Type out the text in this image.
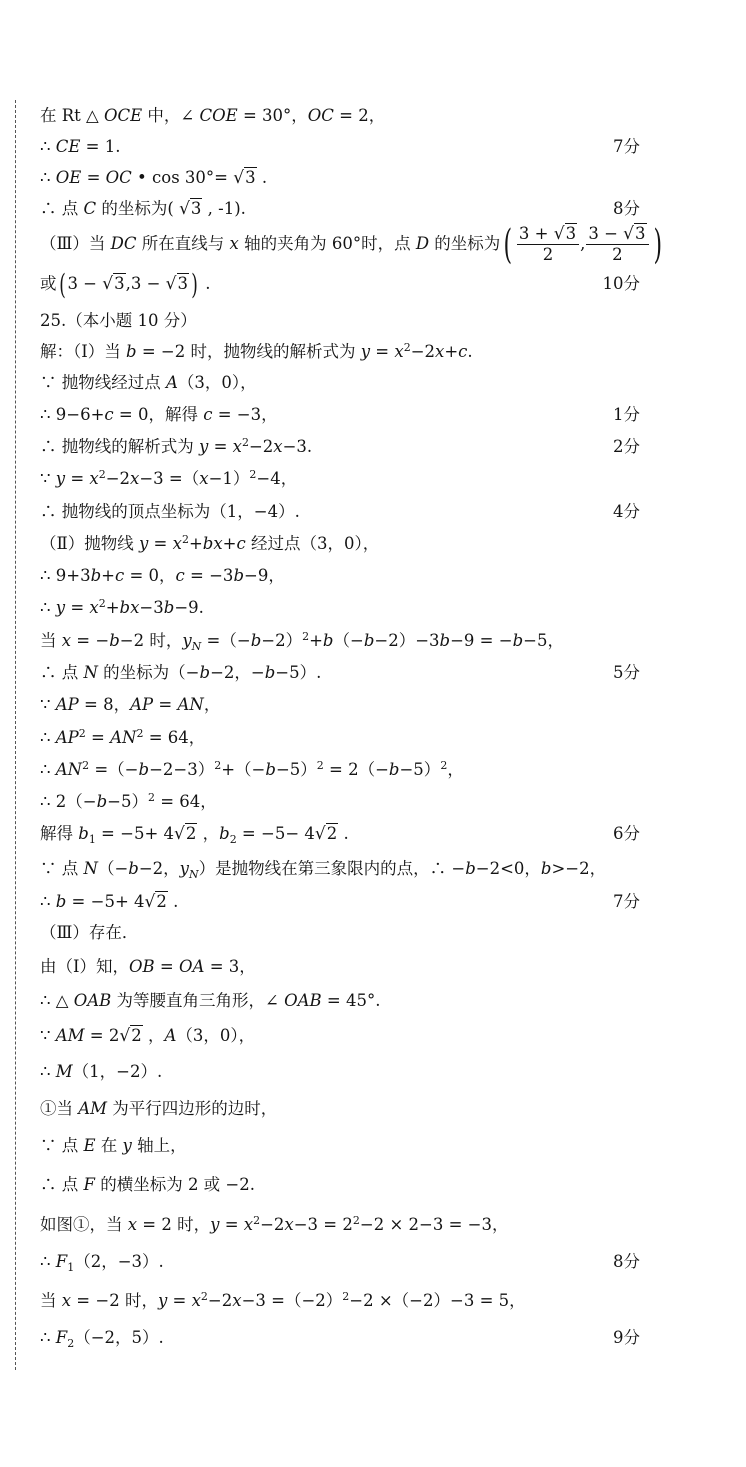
在 Rt △ OCE 中，∠ COE = 30°，OC = 2，
∴ CE = 1.	7分
∴ OE = OC • cos 30°= √3 .
∴ 点 C 的坐标为( √3 , -1).	8分
（Ⅲ）当 DC 所在直线与 x 轴的夹角为 60°时，点 D 的坐标为( $\frac{3 + √3}{2}$ , $\frac{3 - √3}{2}$ )
或( 3 − √3,3 − √3 ) .	10分
25.（本小题 10 分）
解：（Ⅰ）当 b = −2 时，抛物线的解析式为 $y = x^2-2x+c$.
∵ 抛物线经过点 A（3，0），
∴ 9−6+c = 0，解得 c = −3，	1分
∴ 抛物线的解析式为 $y = x^2-2x-3$.	2分
∵ $y = x^2-2x-3 =(x-1)^2-4$，
∴ 抛物线的顶点坐标为（1，−4）.	4分
（Ⅱ）抛物线 $y = x^2+bx+c$ 经过点（3，0），
∴ 9+3b+c = 0，c = −3b−9，
∴ $y = x^2+bx-3b-9$.
当 x = −b−2 时，$y_N =(-b-2)^2+b(-b-2)-3b-9 = -b-5$，
∴ 点 N 的坐标为（−b−2，−b−5）.	5分
∵ AP = 8，AP = AN，
∴ $AP^2 = AN^2 = 64$，
∴ $AN^2 =(-b-2-3)^2+(-b-5)^2 = 2(-b-5)^2$，
∴ $2(-b-5)^2 = 64$，
解得 $b_1 = -5+ 4√2$ ，$b_2 = -5- 4√2$ .	6分
∵ 点 N（−b−2，$y_N$）是抛物线在第三象限内的点，∴ −b−2<0，b>−2，
∴ b = −5+ 4√2 .	7分
（Ⅲ）存在．
由（Ⅰ）知，OB = OA = 3，
∴ △ OAB 为等腰直角三角形，∠ OAB = 45°.
∵ AM = 2√2 ，A（3，0），
∴ M（1，−2）.
①当 AM 为平行四边形的边时，
∵ 点 E 在 y 轴上，
∴ 点 F 的横坐标为 2 或 −2.
如图①，当 x = 2 时，$y = x^2-2x-3 = 2^2-2 \times 2-3 = -3$，
∴ $F_1(2$，−3）.	8分
当 x = −2 时，$y = x^2-2x-3 =(-2)^2-2 \times(-2)-3 = 5$，
∴ $F_2(-2$，5）.	9分
